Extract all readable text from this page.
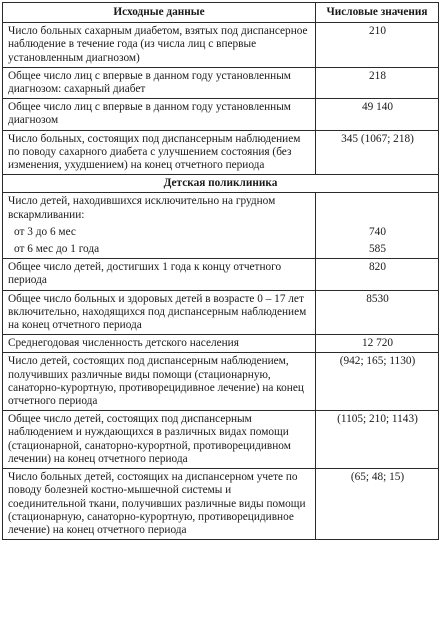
Исходные данные	Числовые значения
Число больных сахарным диабетом, взятых под диспансерное наблюдение в течение года (из числа лиц с впервые установленным диагнозом)	210
Общее число лиц с впервые в данном году установленным диагнозом: сахарный диабет	218
Общее число лиц с впервые в данном году установленным диагнозом	49 140
Число больных, состоящих под диспансерным наблюдением по поводу сахарного диабета с улучшением состояния (без изменения, ухудшением) на конец отчетного периода	345 (1067; 218)
Детская поликлиника	
Число детей, находившихся исключительно на грудном вскармливании:	
от 3 до 6 мес	740
от 6 мес до 1 года	585
Общее число детей, достигших 1 года к концу отчетного периода	820
Общее число больных и здоровых детей в возрасте 0 – 17 лет включительно, находящихся под диспансерным наблюдением на конец отчетного периода	8530
Среднегодовая численность детского населения	12 720
Число детей, состоящих под диспансерным наблюдением, получивших различные виды помощи (стационарную, санаторно-курортную, противорецидивное лечение) на конец отчетного периода	(942; 165; 1130)
Общее число детей, состоящих под диспансерным наблюдением и нуждающихся в различных видах помощи (стационарной, санаторно-курортной, противорецидивном лечении) на конец отчетного периода	(1105; 210; 1143)
Число больных детей, состоящих на диспансерном учете по поводу болезней костно-мышечной системы и соединительной ткани, получивших различные виды помощи (стационарную, санаторно-курортную, противорецидивное лечение) на конец отчетного периода	(65; 48; 15)
